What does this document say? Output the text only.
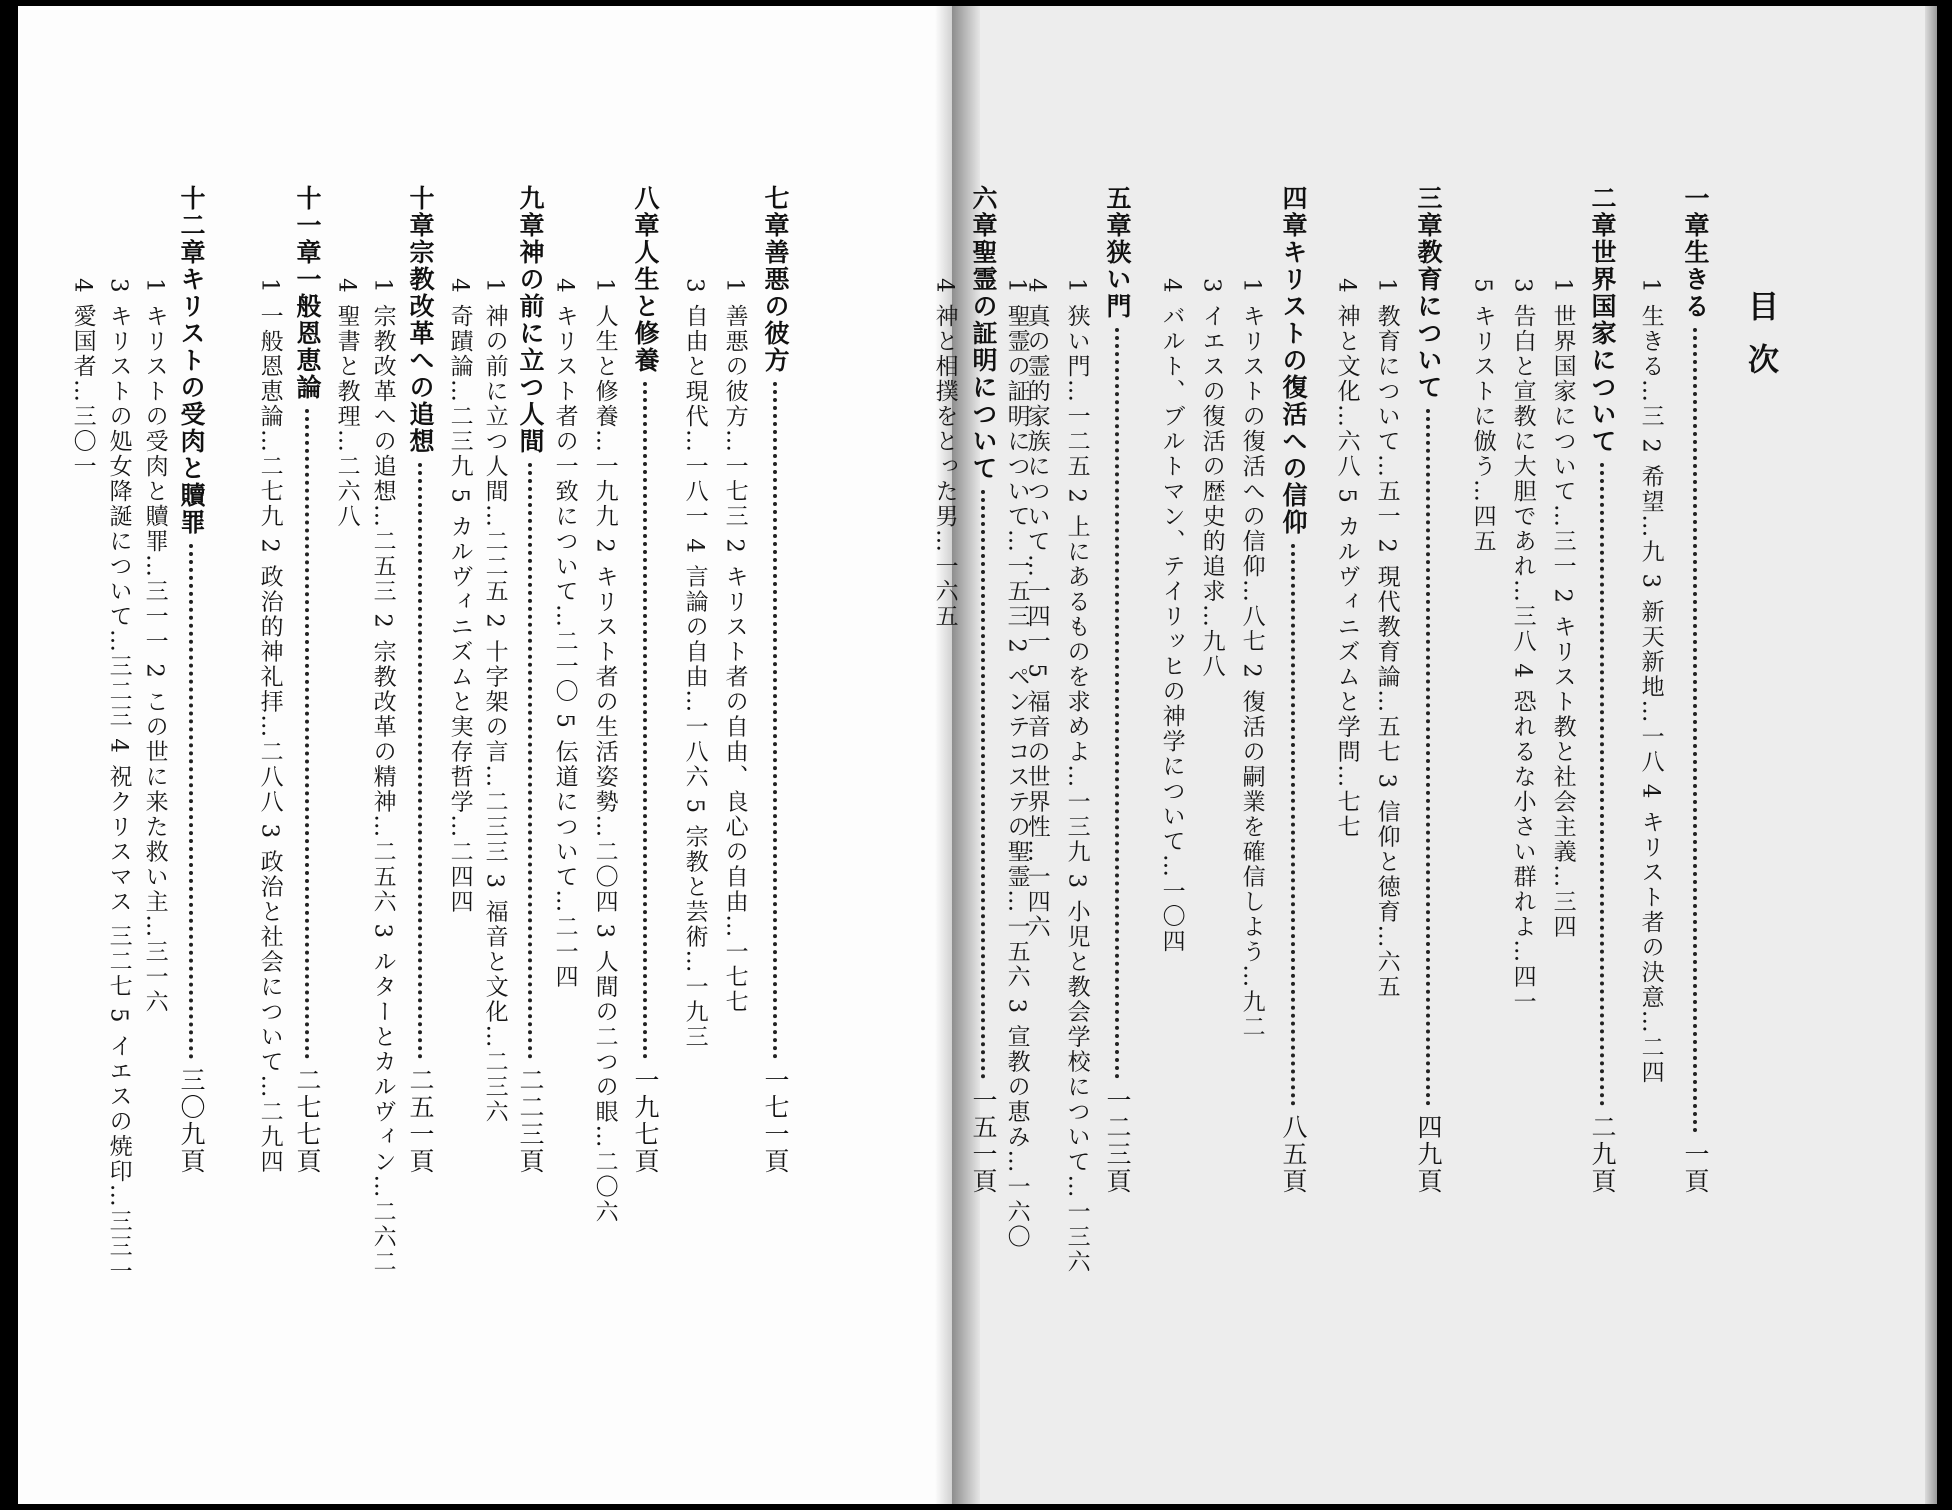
目次
一章
生きる
一頁
1 生きる…三 2 希望…九 3 新天新地…一八 4 キリスト者の決意…二四
二章
世界国家について
二九頁
1 世界国家について…三一 2 キリスト教と社会主義…三四
3 告白と宣教に大胆であれ…三八 4 恐れるな小さい群れよ…四一
5 キリストに倣う…四五
三章
教育について
四九頁
1 教育について…五一 2 現代教育論…五七 3 信仰と徳育…六五
4 神と文化…六八 5 カルヴィニズムと学問…七七
四章
キリストの復活への信仰
八五頁
1 キリストの復活への信仰…八七 2 復活の嗣業を確信しよう…九二
3 イエスの復活の歴史的追求…九八
4 バルト、ブルトマン、テイリッヒの神学について…一〇四
五章
狭い門
一二三頁
1 狭い門…一二五 2 上にあるものを求めよ…一三九 3 小児と教会学校について…一三六
4 真の霊的家族について…一四一 5 福音の世界性…一四六
六章
聖霊の証明について
一五一頁
七章
善悪の彼方
一七一頁
1 善悪の彼方…一七三 2 キリスト者の自由、良心の自由…一七七
3 自由と現代…一八一 4 言論の自由…一八六 5 宗教と芸術…一九三
八章
人生と修養
一九七頁
1 人生と修養…一九九 2 キリスト者の生活姿勢…二〇四 3 人間の二つの眼…二〇六
4 キリスト者の一致について…二一〇 5 伝道について…二一四
九章
神の前に立つ人間
二二三頁
1 神の前に立つ人間…二二五 2 十字架の言…二三三 3 福音と文化…二三六
4 奇蹟論…二三九 5 カルヴィニズムと実存哲学…二四四
十章
宗教改革への追想
二五一頁
1 宗教改革への追想…二五三 2 宗教改革の精神…二五六 3 ルターとカルヴィン…二六二
4 聖書と教理…二六八
十一章
一般恩恵論
二七七頁
1 一般恩恵論…二七九 2 政治的神礼拝…二八八 3 政治と社会について…二九四
十二章
キリストの受肉と贖罪
三〇九頁
1 キリストの受肉と贖罪…三一一 2 この世に来た救い主…三一六
3 キリストの処女降誕について…三二三 4 祝クリスマス 三二七 5 イエスの焼印…三三一
4 愛国者…三〇一	1 聖霊の証明について…一五三 2 ペンテコステの聖霊…一五六 3 宣教の恵み…一六〇
4 神と相撲をとった男…一六五
